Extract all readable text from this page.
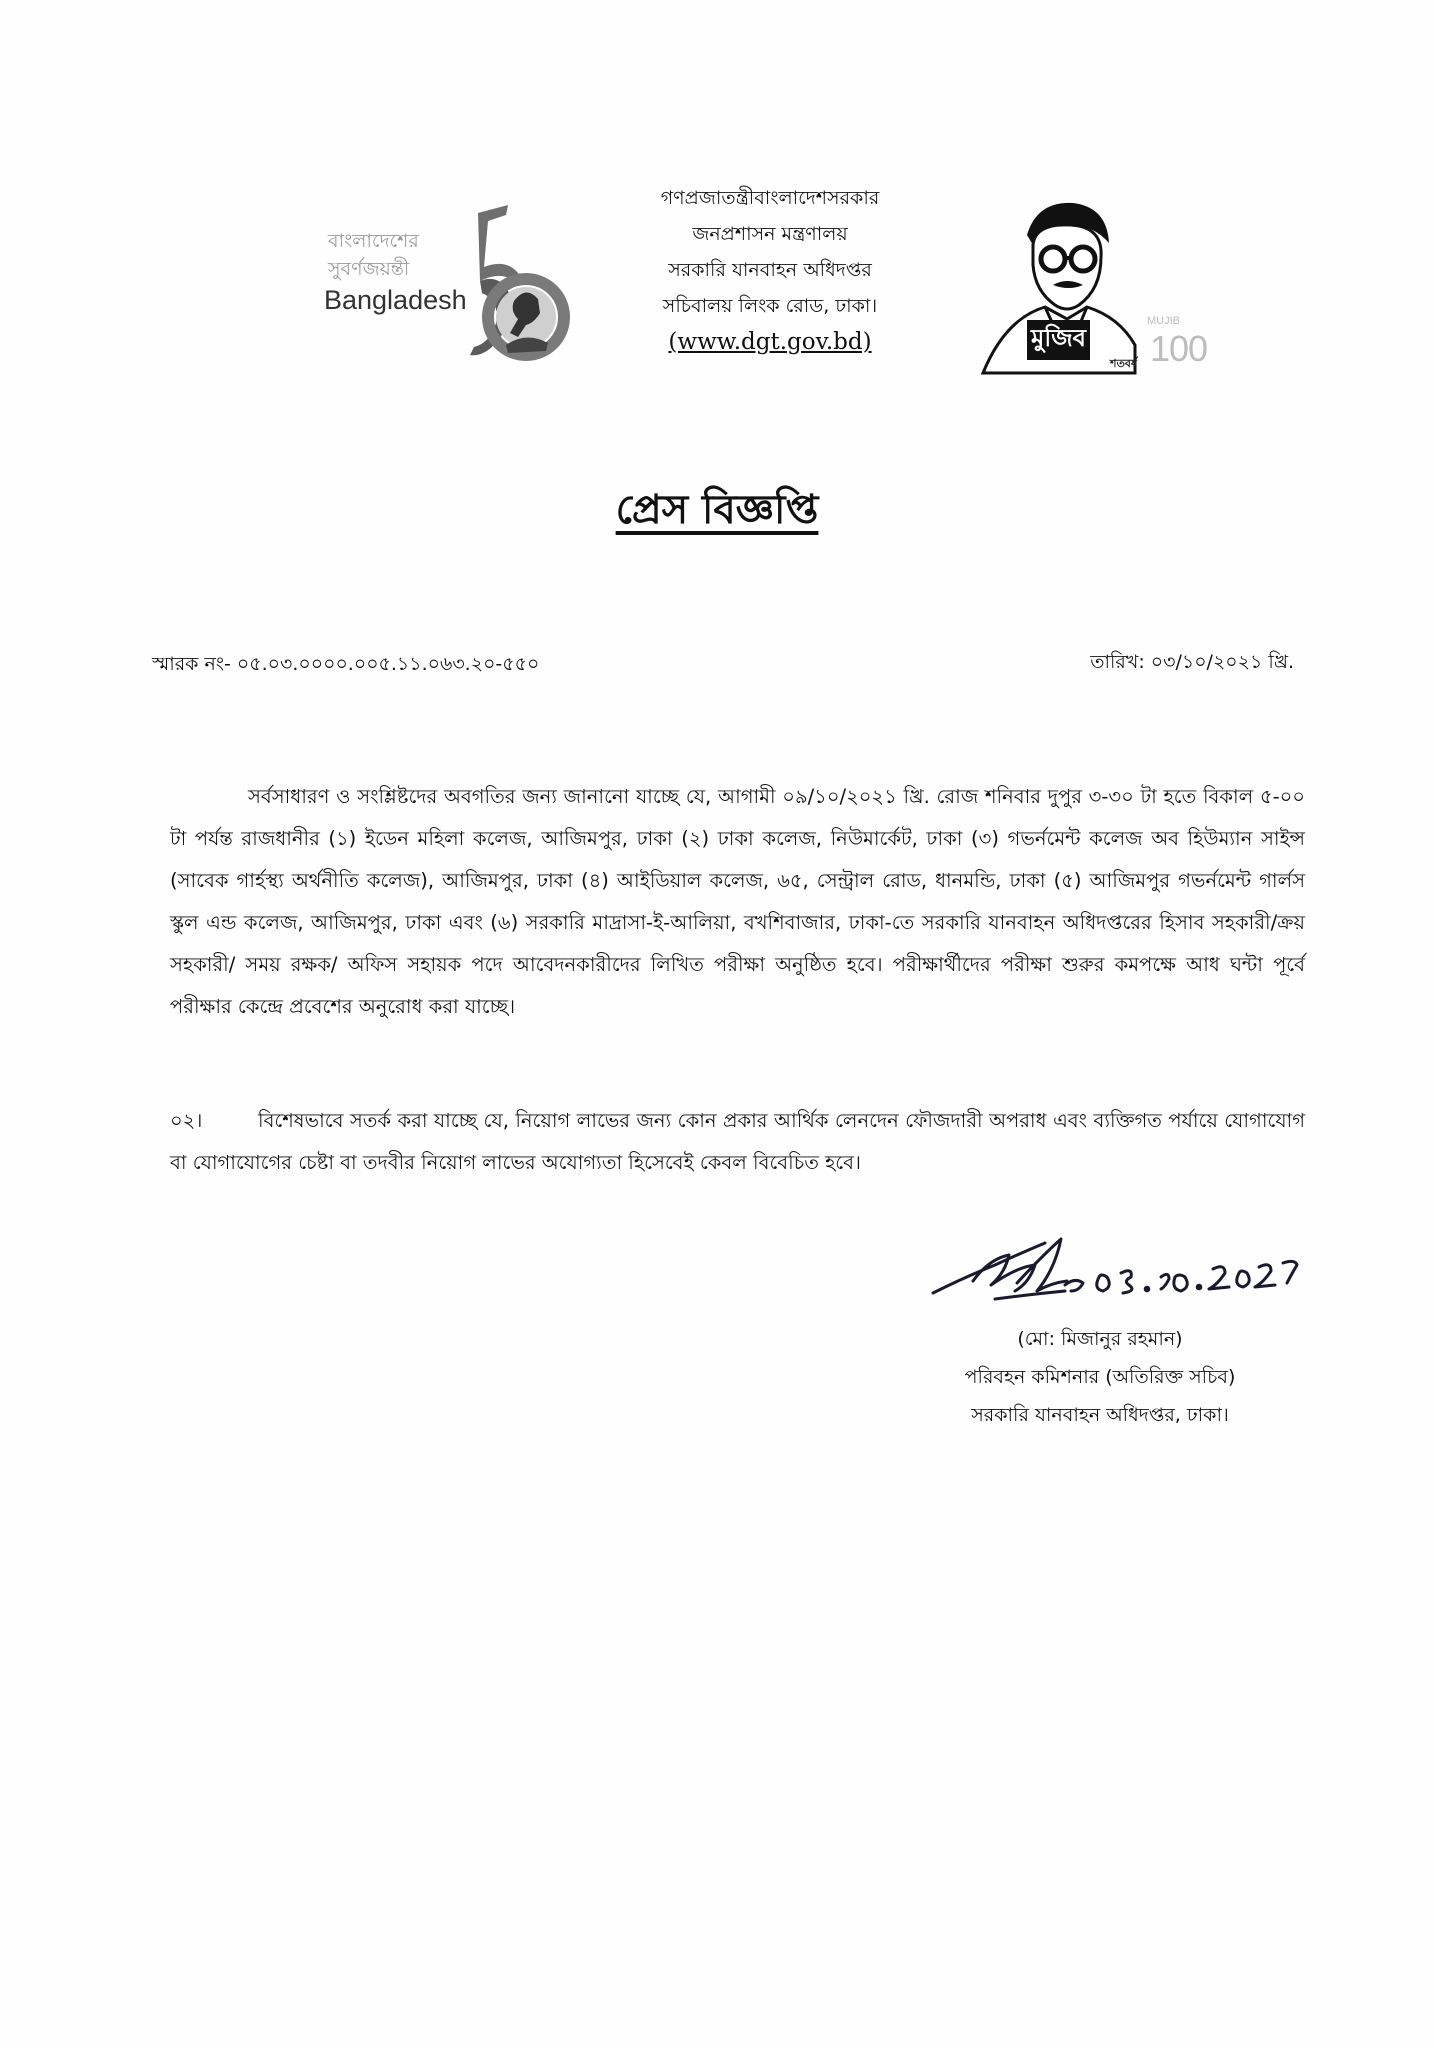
বাংলাদেশের
সুবর্ণজয়ন্তী
Bangladesh
গণপ্রজাতন্ত্রীবাংলাদেশসরকার
জনপ্রশাসন মন্ত্রণালয়
সরকারি যানবাহন অধিদপ্তর
সচিবালয় লিংক রোড, ঢাকা।
(www.dgt.gov.bd)	মুজিব
শতবর্ষ
MUJIB
100
প্রেস বিজ্ঞপ্তি
স্মারক নং- ০৫.০৩.০০০০.০০৫.১১.০৬৩.২০-৫৫০	তারিখ: ০৩/১০/২০২১ খ্রি.
সর্বসাধারণ ও সংশ্লিষ্টদের অবগতির জন্য জানানো যাচ্ছে যে, আগামী ০৯/১০/২০২১ খ্রি. রোজ শনিবার দুপুর ৩-৩০ টা হতে বিকাল ৫-০০ টা পর্যন্ত রাজধানীর (১) ইডেন মহিলা কলেজ, আজিমপুর, ঢাকা (২) ঢাকা কলেজ, নিউমার্কেট, ঢাকা (৩) গভর্নমেন্ট কলেজ অব হিউম্যান সাইন্স (সাবেক গার্হস্থ্য অর্থনীতি কলেজ), আজিমপুর, ঢাকা (৪) আইডিয়াল কলেজ, ৬৫, সেন্ট্রাল রোড, ধানমন্ডি, ঢাকা (৫) আজিমপুর গভর্নমেন্ট গার্লস স্কুল এন্ড কলেজ, আজিমপুর, ঢাকা এবং (৬) সরকারি মাদ্রাসা-ই-আলিয়া, বখশিবাজার, ঢাকা-তে সরকারি যানবাহন অধিদপ্তরের হিসাব সহকারী/ক্রয় সহকারী/ সময় রক্ষক/ অফিস সহায়ক পদে আবেদনকারীদের লিখিত পরীক্ষা অনুষ্ঠিত হবে। পরীক্ষার্থীদের পরীক্ষা শুরুর কমপক্ষে আধ ঘন্টা পূর্বে পরীক্ষার কেন্দ্রে প্রবেশের অনুরোধ করা যাচ্ছে।
০২।	বিশেষভাবে সতর্ক করা যাচ্ছে যে, নিয়োগ লাভের জন্য কোন প্রকার আর্থিক লেনদেন ফৌজদারী অপরাধ এবং ব্যক্তিগত পর্যায়ে যোগাযোগ বা যোগাযোগের চেষ্টা বা তদবীর নিয়োগ লাভের অযোগ্যতা হিসেবেই কেবল বিবেচিত হবে।
(মো: মিজানুর রহমান)
পরিবহন কমিশনার (অতিরিক্ত সচিব)
সরকারি যানবাহন অধিদপ্তর, ঢাকা।
